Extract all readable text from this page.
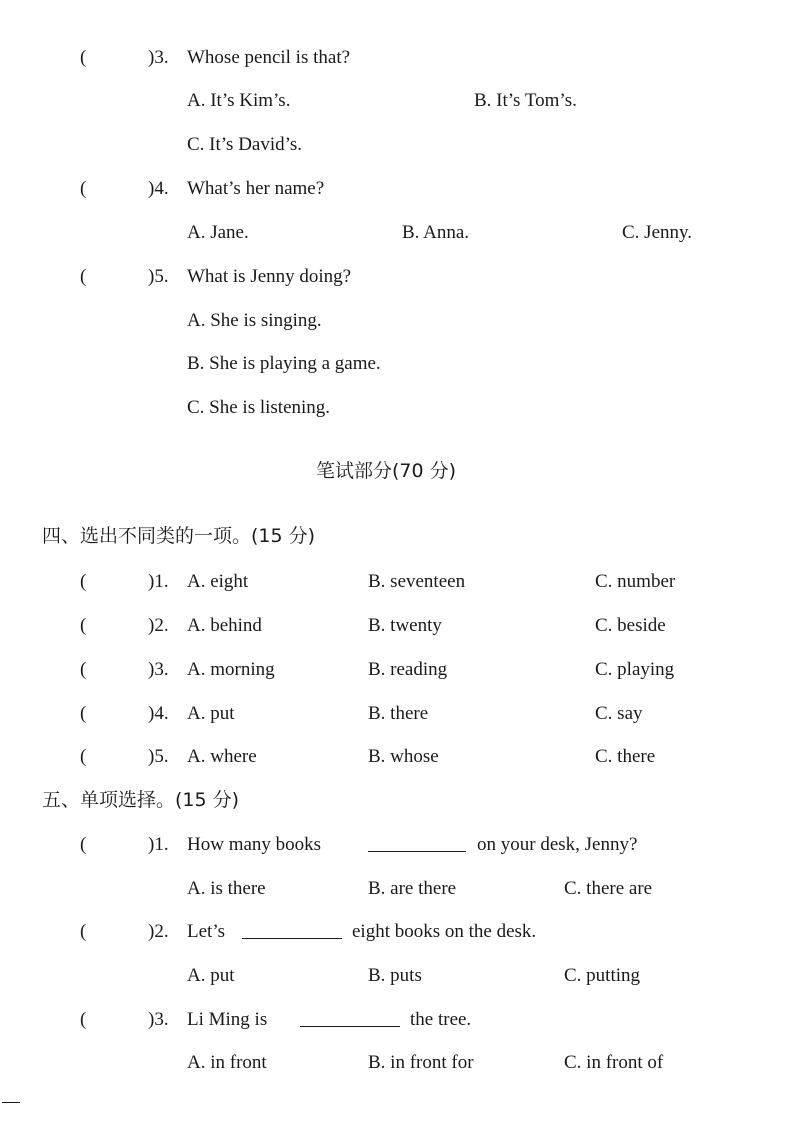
(	)3. Whose pencil is that?
A. It’s Kim’s.	B. It’s Tom’s.
C. It’s David’s.
(	)4. What’s her name?
A. Jane.	B. Anna.	C. Jenny.
(	)5. What is Jenny doing?
A. She is singing.
B. She is playing a game.
C. She is listening.
笔试部分(70 分)
四、选出不同类的一项。(15 分)
(	)1. A. eight	B. seventeen	C. number
(	)2. A. behind	B. twenty	C. beside
(	)3. A. morning	B. reading	C. playing
(	)4. A. put	B. there	C. say
(	)5. A. where	B. whose	C. there
五、单项选择。(15 分)
(	)1. How many books	on your desk, Jenny?
A. is there	B. are there	C. there are
(	)2. Let’s	eight books on the desk.
A. put	B. puts	C. putting
(	)3. Li Ming is	the tree.
A. in front	B. in front for	C. in front of
